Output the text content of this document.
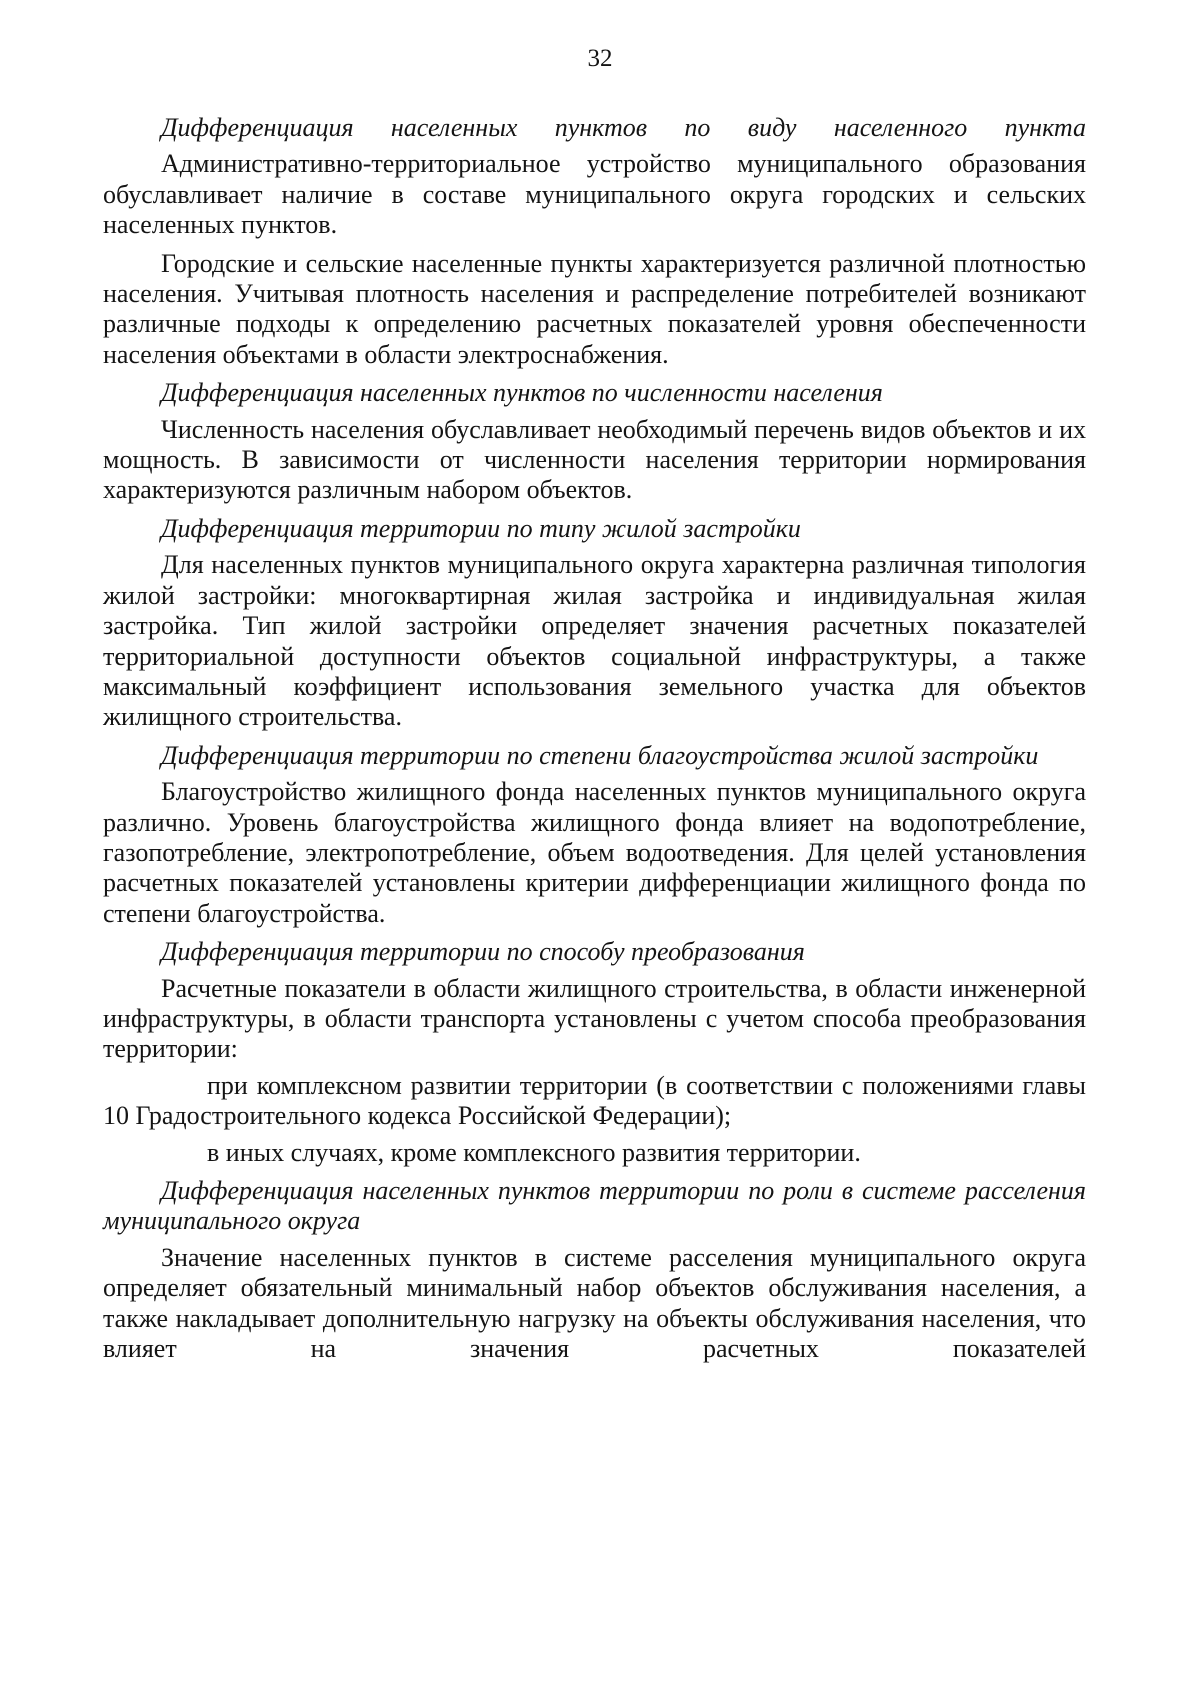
32

Дифференциация населенных пунктов по виду населенного пункта

Административно-территориальное устройство муниципального образования обуславливает наличие в составе муниципального округа городских и сельских населенных пунктов.

Городские и сельские населенные пункты характеризуется различной плотностью населения. Учитывая плотность населения и распределение потребителей возникают различные подходы к определению расчетных показателей уровня обеспеченности населения объектами в области электроснабжения.

Дифференциация населенных пунктов по численности населения

Численность населения обуславливает необходимый перечень видов объектов и их мощность. В зависимости от численности населения территории нормирования характеризуются различным набором объектов.

Дифференциация территории по типу жилой застройки

Для населенных пунктов муниципального округа характерна различная типология жилой застройки: многоквартирная жилая застройка и индивидуальная жилая застройка. Тип жилой застройки определяет значения расчетных показателей территориальной доступности объектов социальной инфраструктуры, а также максимальный коэффициент использования земельного участка для объектов жилищного строительства.

Дифференциация территории по степени благоустройства жилой застройки

Благоустройство жилищного фонда населенных пунктов муниципального округа различно. Уровень благоустройства жилищного фонда влияет на водопотребление, газопотребление, электропотребление, объем водоотведения. Для целей установления расчетных показателей установлены критерии дифференциации жилищного фонда по степени благоустройства.

Дифференциация территории по способу преобразования

Расчетные показатели в области жилищного строительства, в области инженерной инфраструктуры, в области транспорта установлены с учетом способа преобразования территории:

при комплексном развитии территории (в соответствии с положениями главы 10 Градостроительного кодекса Российской Федерации);

в иных случаях, кроме комплексного развития территории.

Дифференциация населенных пунктов территории по роли в системе расселения муниципального округа

Значение населенных пунктов в системе расселения муниципального округа определяет обязательный минимальный набор объектов обслуживания населения, а также накладывает дополнительную нагрузку на объекты обслуживания населения, что влияет на значения расчетных показателей
